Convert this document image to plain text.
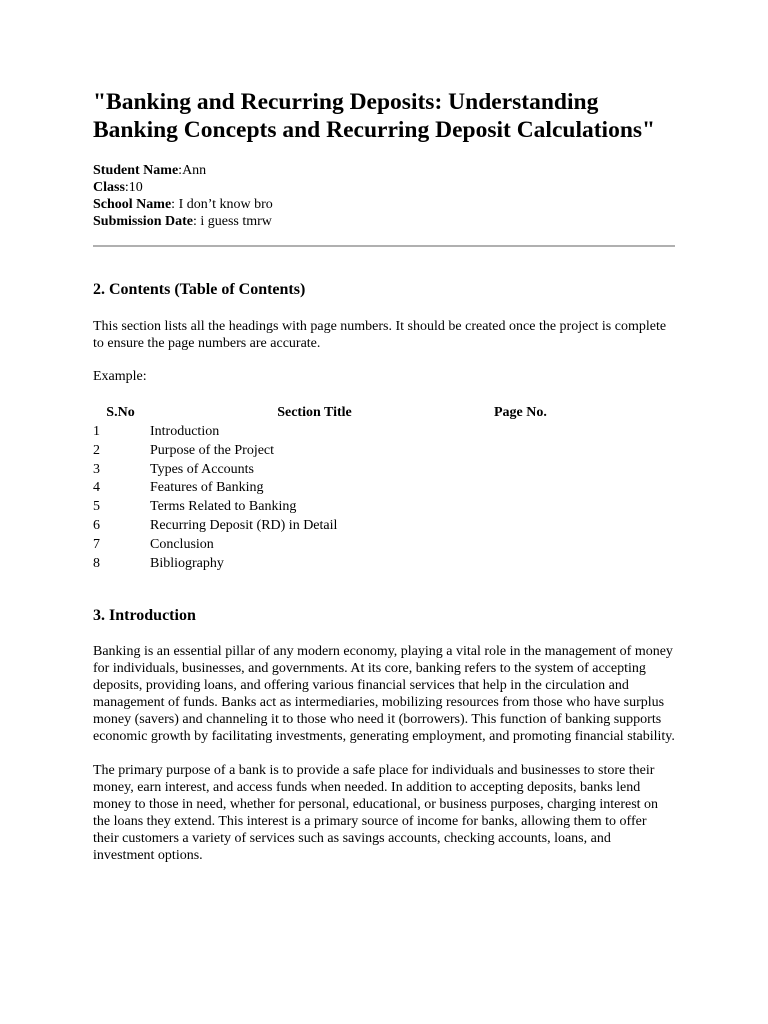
"Banking and Recurring Deposits: Understanding Banking Concepts and Recurring Deposit Calculations"
Student Name:Ann
Class:10
School Name: I don’t know bro
Submission Date: i guess tmrw
2. Contents (Table of Contents)

This section lists all the headings with page numbers. It should be created once the project is complete to ensure the page numbers are accurate.

Example:

S.No	Section Title	Page No.
1	Introduction
2	Purpose of the Project
3	Types of Accounts
4	Features of Banking
5	Terms Related to Banking
6	Recurring Deposit (RD) in Detail
7	Conclusion
8	Bibliography
3. Introduction

Banking is an essential pillar of any modern economy, playing a vital role in the management of money for individuals, businesses, and governments. At its core, banking refers to the system of accepting deposits, providing loans, and offering various financial services that help in the circulation and management of funds. Banks act as intermediaries, mobilizing resources from those who have surplus money (savers) and channeling it to those who need it (borrowers). This function of banking supports economic growth by facilitating investments, generating employment, and promoting financial stability.

The primary purpose of a bank is to provide a safe place for individuals and businesses to store their money, earn interest, and access funds when needed. In addition to accepting deposits, banks lend money to those in need, whether for personal, educational, or business purposes, charging interest on the loans they extend. This interest is a primary source of income for banks, allowing them to offer their customers a variety of services such as savings accounts, checking accounts, loans, and investment options.
